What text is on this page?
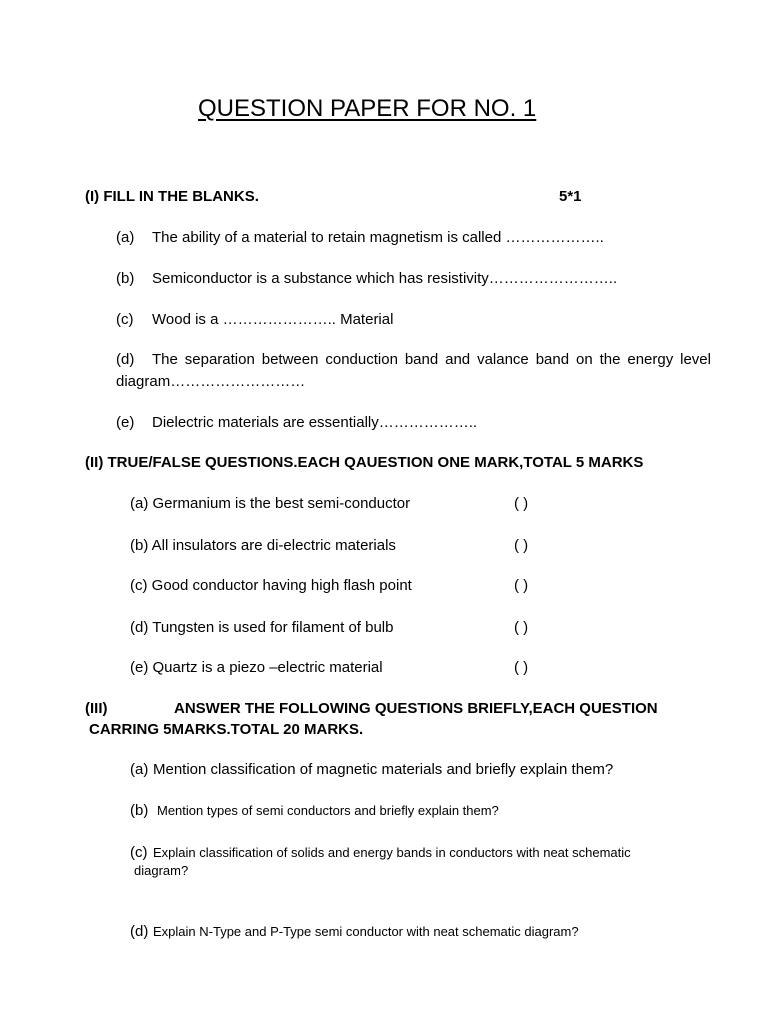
QUESTION PAPER FOR NO. 1
(I) FILL IN THE BLANKS.	5*1
(a) The ability of a material to retain magnetism is called ………………..
(b) Semiconductor is a substance which has resistivity……………………..
(c) Wood is a ………………….. Material
(d) The separation between conduction band and valance band on the energy level
diagram………………………
(e) Dielectric materials are essentially………………..
(II) TRUE/FALSE QUESTIONS.EACH QAUESTION ONE MARK,TOTAL 5 MARKS
(a) Germanium is the best semi-conductor	( )
(b) All insulators are di-electric materials	( )
(c) Good conductor having high flash point	( )
(d) Tungsten is used for filament of bulb	( )
(e) Quartz is a piezo –electric material	( )
(III)	ANSWER THE FOLLOWING QUESTIONS BRIEFLY,EACH QUESTION
CARRING 5MARKS.TOTAL 20 MARKS.
(a) Mention classification of magnetic materials and briefly explain them?
(b) Mention types of semi conductors and briefly explain them?
(c) Explain classification of solids and energy bands in conductors with neat schematic
diagram?
(d) Explain N-Type and P-Type semi conductor with neat schematic diagram?
